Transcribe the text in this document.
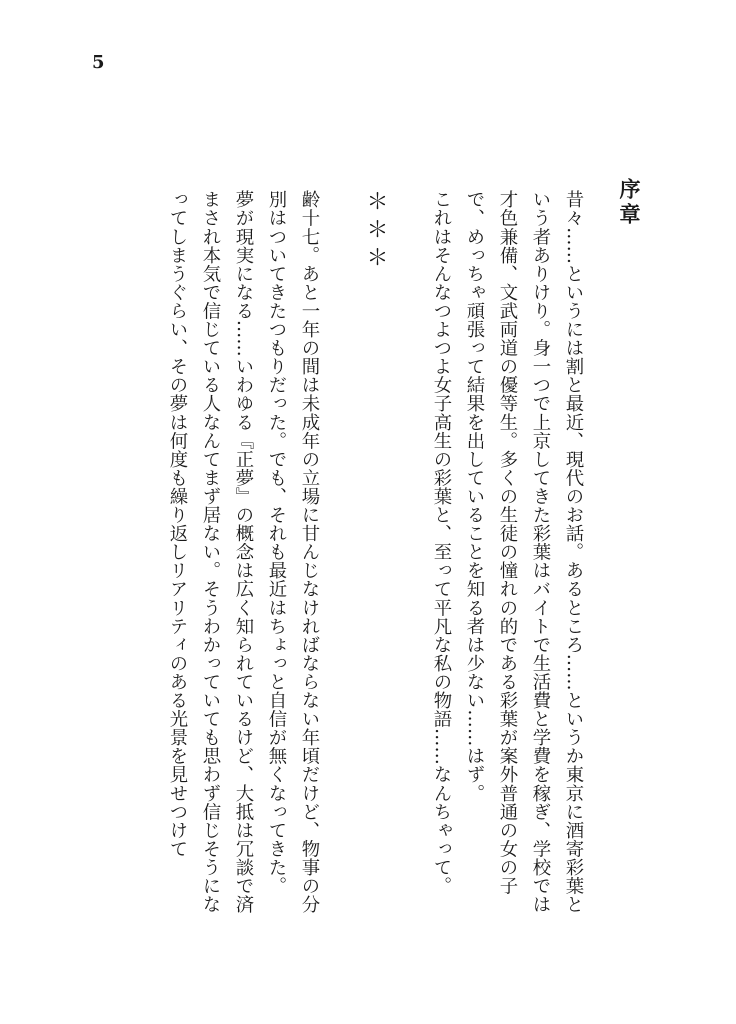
5
序章

昔々……というには割と最近、現代のお話。あるところ……というか東京に酒寄彩葉という者ありけり。身一つで上京してきた彩葉はバイトで生活費と学費を稼ぎ、学校では才色兼備、文武両道の優等生。多くの生徒の憧れの的である彩葉が案外普通の女の子で、めっちゃ頑張って結果を出していることを知る者は少ない……はず。

これはそんなつよつよ女子高生の彩葉と、至って平凡な私の物語……なんちゃって。

＊＊＊

齢十七。あと一年の間は未成年の立場に甘んじなければならない年頃だけど、物事の分別はついてきたつもりだった。でも、それも最近はちょっと自信が無くなってきた。

夢が現実になる……いわゆる『正夢』の概念は広く知られているけど、大抵は冗談で済まされ本気で信じている人なんてまず居ない。そうわかっていても思わず信じそうになってしまうぐらい、その夢は何度も繰り返しリアリティのある光景を見せつけて
